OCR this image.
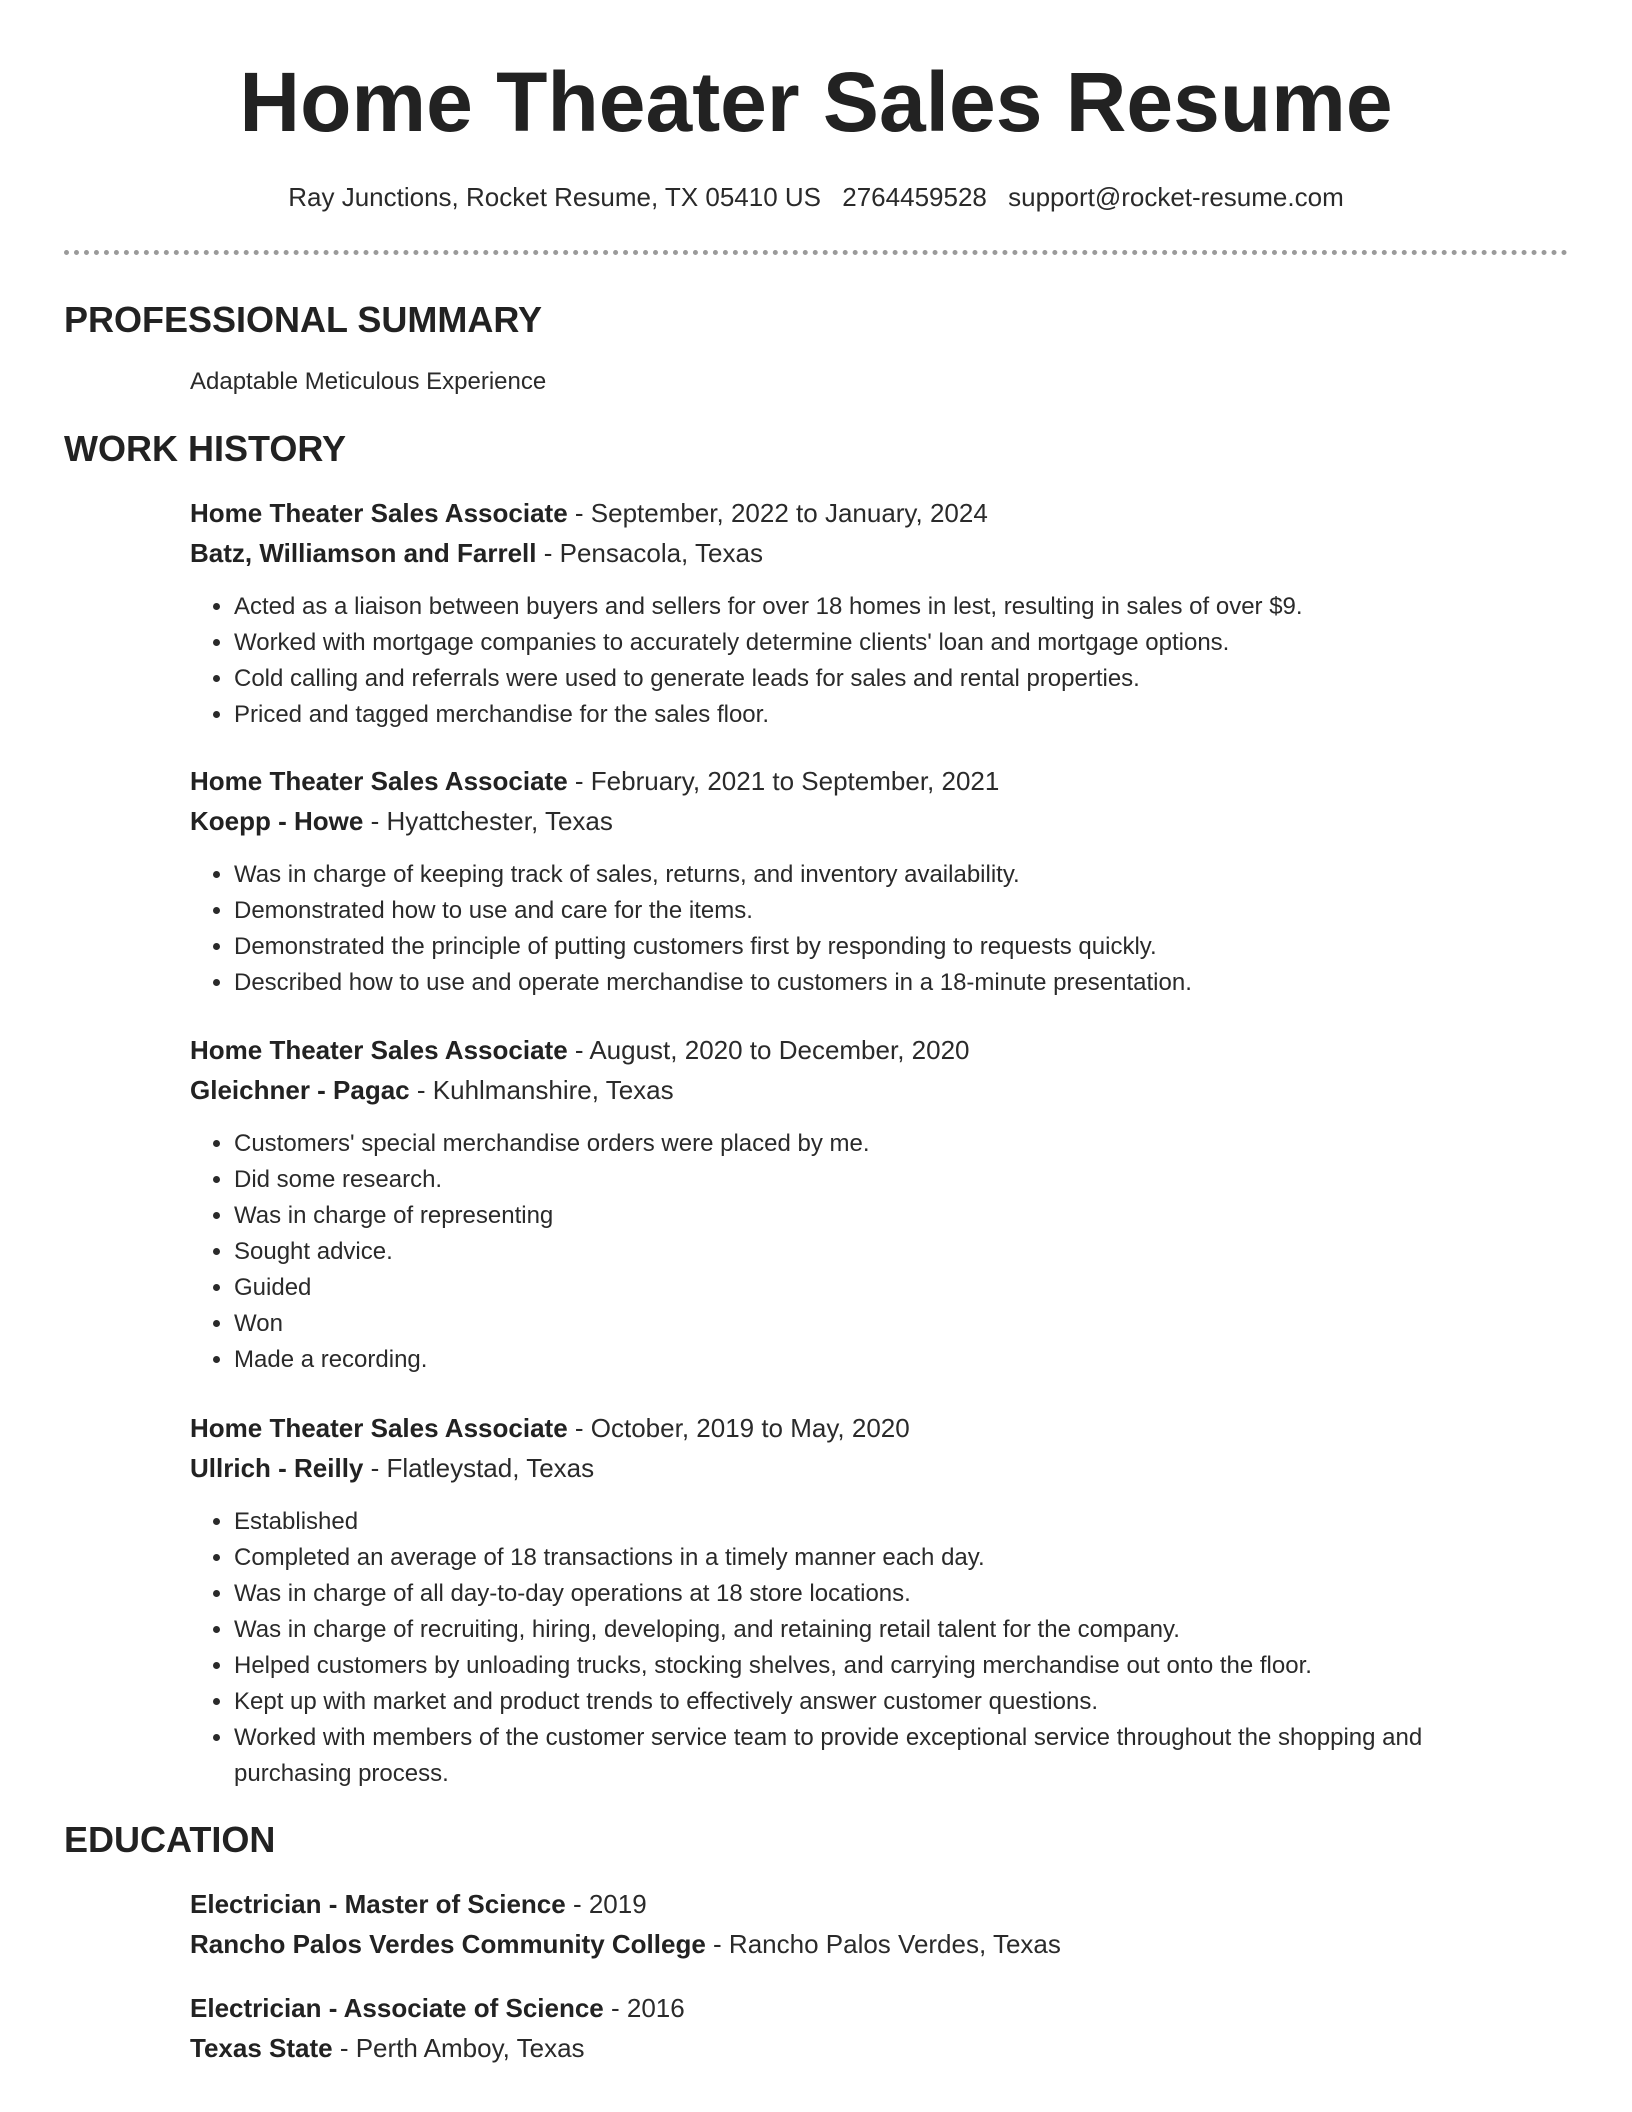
Home Theater Sales Resume
Ray Junctions, Rocket Resume, TX 05410 US 2764459528 support@rocket-resume.com
PROFESSIONAL SUMMARY
Adaptable Meticulous Experience
WORK HISTORY
Home Theater Sales Associate - September, 2022 to January, 2024
Batz, Williamson and Farrell - Pensacola, Texas
• Acted as a liaison between buyers and sellers for over 18 homes in lest, resulting in sales of over $9.
• Worked with mortgage companies to accurately determine clients' loan and mortgage options.
• Cold calling and referrals were used to generate leads for sales and rental properties.
• Priced and tagged merchandise for the sales floor.
Home Theater Sales Associate - February, 2021 to September, 2021
Koepp - Howe - Hyattchester, Texas
• Was in charge of keeping track of sales, returns, and inventory availability.
• Demonstrated how to use and care for the items.
• Demonstrated the principle of putting customers first by responding to requests quickly.
• Described how to use and operate merchandise to customers in a 18-minute presentation.
Home Theater Sales Associate - August, 2020 to December, 2020
Gleichner - Pagac - Kuhlmanshire, Texas
• Customers' special merchandise orders were placed by me.
• Did some research.
• Was in charge of representing
• Sought advice.
• Guided
• Won
• Made a recording.
Home Theater Sales Associate - October, 2019 to May, 2020
Ullrich - Reilly - Flatleystad, Texas
• Established
• Completed an average of 18 transactions in a timely manner each day.
• Was in charge of all day-to-day operations at 18 store locations.
• Was in charge of recruiting, hiring, developing, and retaining retail talent for the company.
• Helped customers by unloading trucks, stocking shelves, and carrying merchandise out onto the floor.
• Kept up with market and product trends to effectively answer customer questions.
• Worked with members of the customer service team to provide exceptional service throughout the shopping and purchasing process.
EDUCATION
Electrician - Master of Science - 2019
Rancho Palos Verdes Community College - Rancho Palos Verdes, Texas
Electrician - Associate of Science - 2016
Texas State - Perth Amboy, Texas
